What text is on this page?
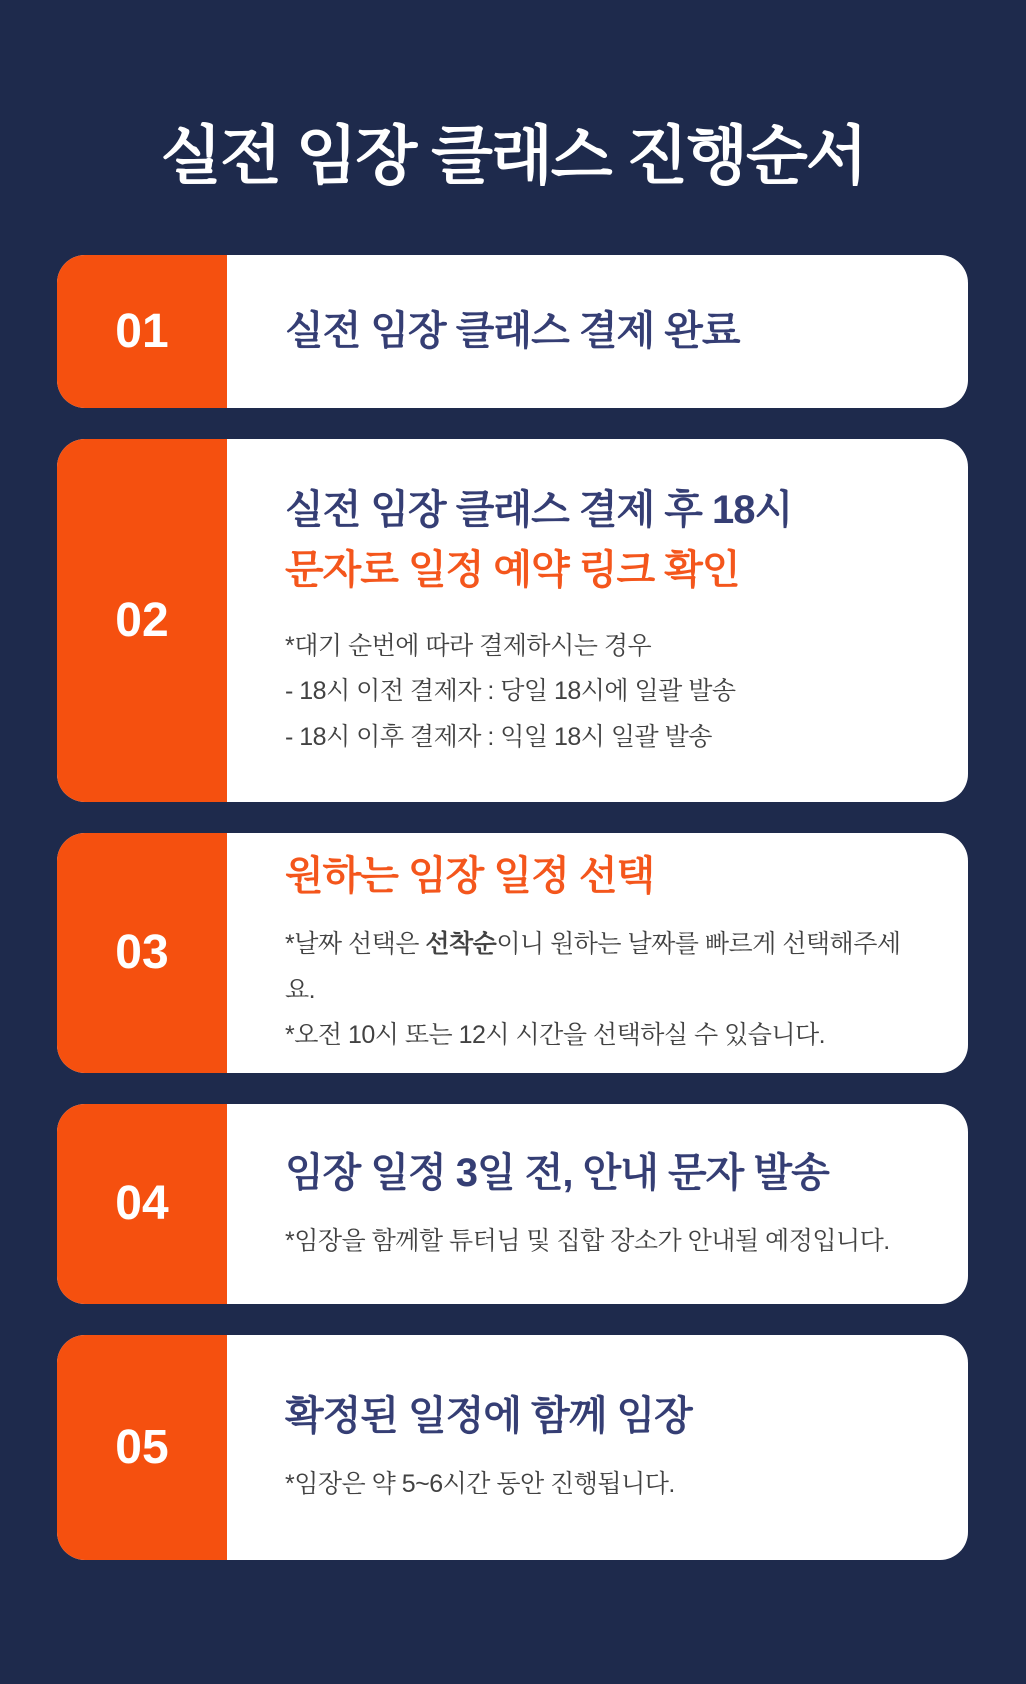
실전 임장 클래스 진행순서
01	실전 임장 클래스 결제 완료
02
실전 임장 클래스 결제 후 18시
문자로 일정 예약 링크 확인
*대기 순번에 따라 결제하시는 경우
- 18시 이전 결제자 : 당일 18시에 일괄 발송
- 18시 이후 결제자 : 익일 18시 일괄 발송
03
원하는 임장 일정 선택
*날짜 선택은 선착순이니 원하는 날짜를 빠르게 선택해주세요.
*오전 10시 또는 12시 시간을 선택하실 수 있습니다.
04
임장 일정 3일 전, 안내 문자 발송
*임장을 함께할 튜터님 및 집합 장소가 안내될 예정입니다.
05
확정된 일정에 함께 임장
*임장은 약 5~6시간 동안 진행됩니다.
